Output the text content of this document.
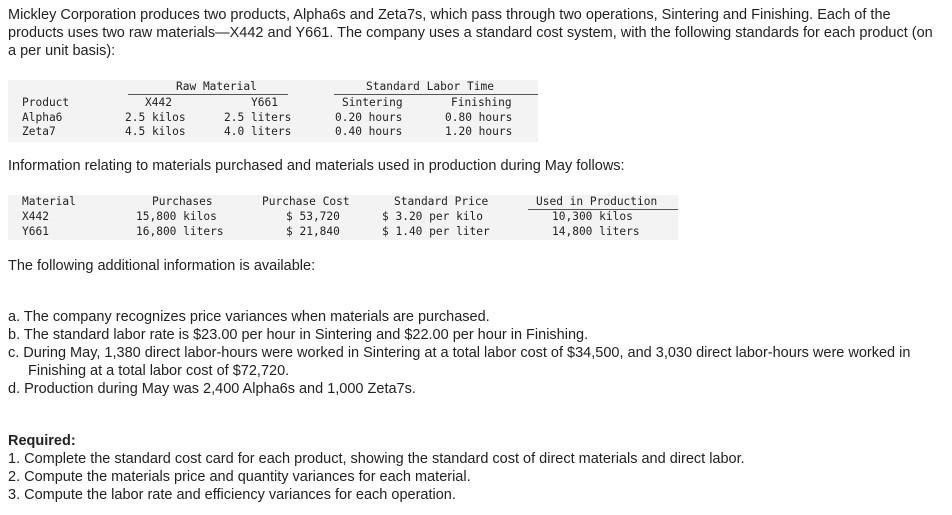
Mickley Corporation produces two products, Alpha6s and Zeta7s, which pass through two operations, Sintering and Finishing. Each of the products uses two raw materials—X442 and Y661. The company uses a standard cost system, with the following standards for each product (on a per unit basis):

Raw Material	Standard Labor Time
Product	X442	Y661	Sintering	Finishing
Alpha6	2.5 kilos	2.5 liters	0.20 hours	0.80 hours
Zeta7	4.5 kilos	4.0 liters	0.40 hours	1.20 hours

Information relating to materials purchased and materials used in production during May follows:

Material	Purchases	Purchase Cost	Standard Price	Used in Production
X442	15,800 kilos	$ 53,720	$ 3.20 per kilo	10,300 kilos
Y661	16,800 liters	$ 21,840	$ 1.40 per liter	14,800 liters

The following additional information is available:

a. The company recognizes price variances when materials are purchased.

b. The standard labor rate is $23.00 per hour in Sintering and $22.00 per hour in Finishing.

c. During May, 1,380 direct labor-hours were worked in Sintering at a total labor cost of $34,500, and 3,030 direct labor-hours were worked in Finishing at a total labor cost of $72,720.

d. Production during May was 2,400 Alpha6s and 1,000 Zeta7s.

Required:

1. Complete the standard cost card for each product, showing the standard cost of direct materials and direct labor.

2. Compute the materials price and quantity variances for each material.

3. Compute the labor rate and efficiency variances for each operation.
